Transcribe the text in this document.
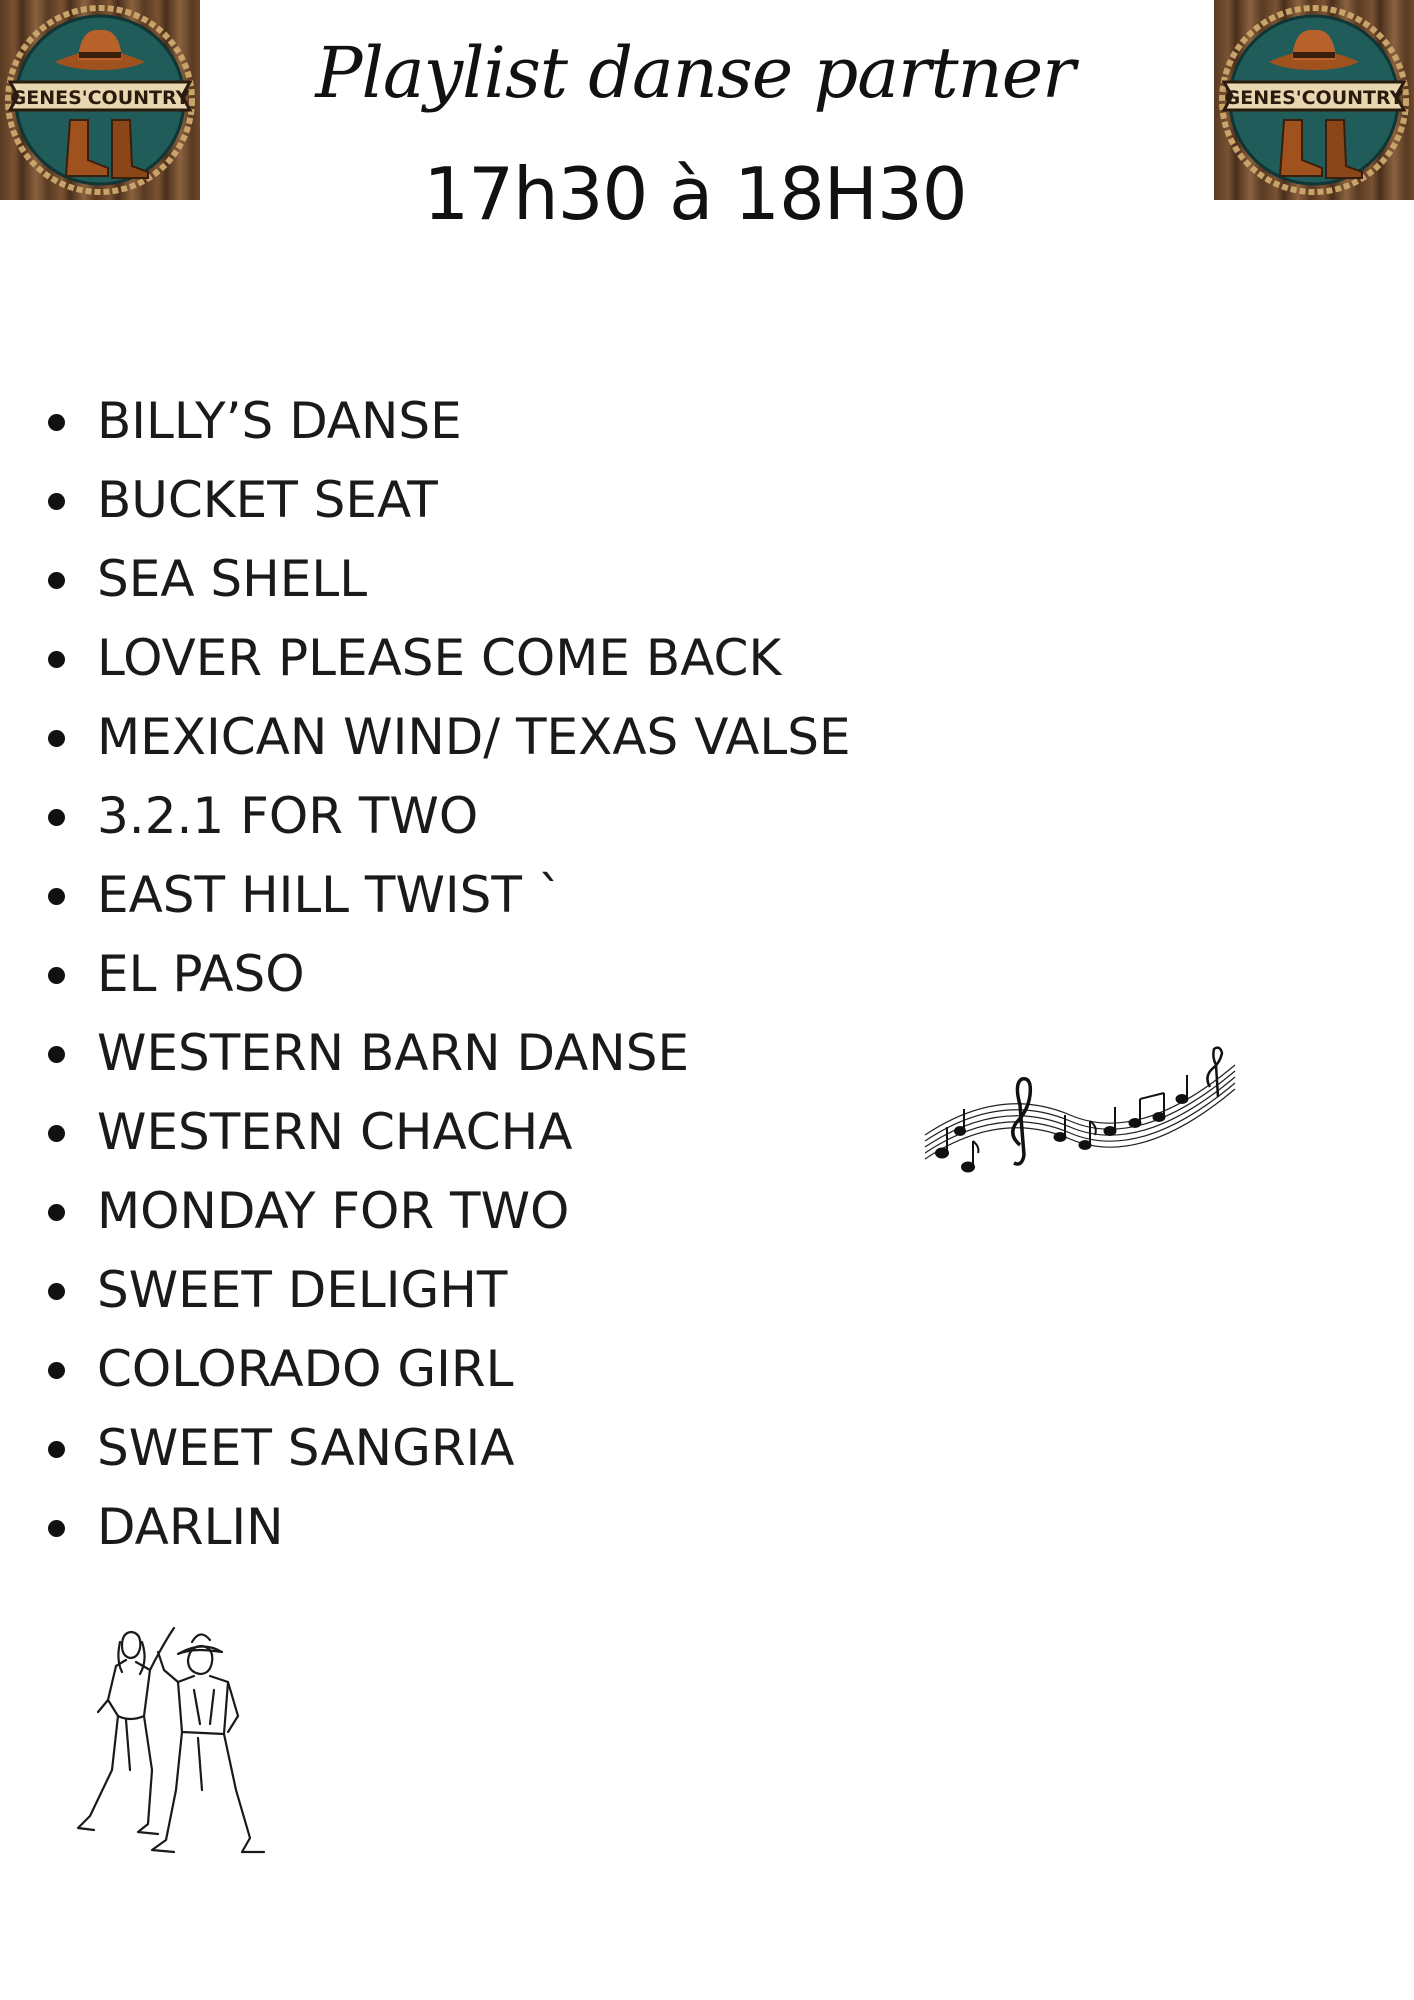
GENES'COUNTRY	GENES'COUNTRY
Playlist danse partner
17h30 à 18H30
BILLY’S DANSE
BUCKET SEAT
SEA SHELL
LOVER PLEASE COME BACK
MEXICAN WIND/ TEXAS VALSE
3.2.1 FOR TWO
EAST HILL TWIST `
EL PASO
WESTERN BARN DANSE
WESTERN CHACHA
MONDAY FOR TWO
SWEET DELIGHT
COLORADO GIRL
SWEET SANGRIA
DARLIN
